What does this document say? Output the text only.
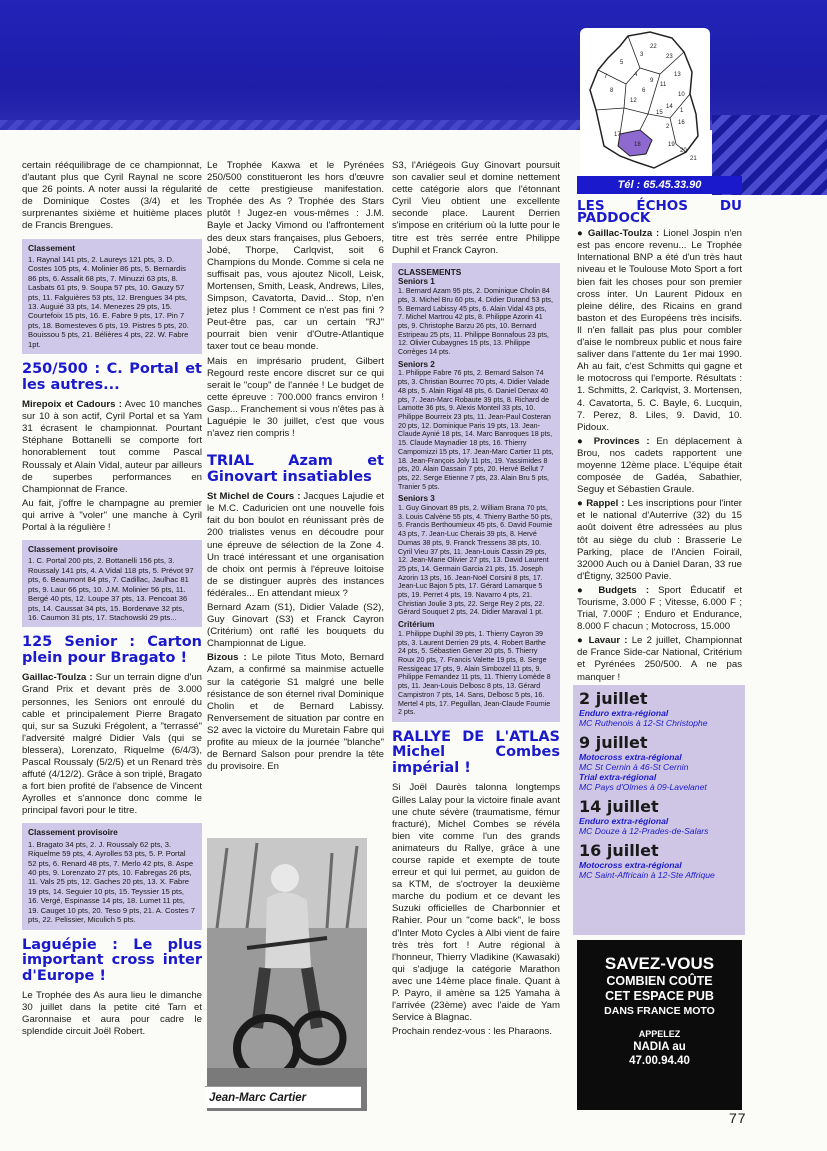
22
23
5
3
13
11
9
4
8
7
12
6
10
14
15
16
17
18	19
20
21
1
2
Tél : 65.45.33.90

certain rééquilibrage de ce championnat, d'autant plus que Cyril Raynal ne score que 26 points. A noter aussi la régularité de Dominique Costes (3/4) et les surprenantes sixième et huitième places de Francis Brengues.

Classement
1. Raynal 141 pts, 2. Laureys 121 pts, 3. D. Costes 105 pts, 4. Molinier 86 pts, 5. Bernardis 86 pts, 6. Assalit 68 pts, 7. Minuzzi 63 pts, 8. Lasbats 61 pts, 9. Soupa 57 pts, 10. Gauzy 57 pts, 11. Falguières 53 pts, 12. Brengues 34 pts, 13. Auguié 33 pts, 14. Menezes 29 pts, 15. Courtefoix 15 pts, 16. E. Fabre 9 pts, 17. Pin 7 pts, 18. Bomesteves 6 pts, 19. Pistres 5 pts, 20. Bouissou 5 pts, 21. Bélières 4 pts, 22. W. Fabre 1pt.
250/500 : C. Portal et les autres...

Mirepoix et Cadours : Avec 10 manches sur 10 à son actif, Cyril Portal et sa Yam 31 écrasent le championnat. Pourtant Stéphane Bottanelli se comporte fort honorablement tout comme Pascal Roussaly et Alain Vidal, auteur par ailleurs de superbes performances en Championnat de France.

Au fait, j'offre le champagne au premier qui arrive à "voler" une manche à Cyril Portal à la régulière !

Classement provisoire
1. C. Portal 200 pts, 2. Bottanelli 156 pts, 3. Roussaly 141 pts, 4. A Vidal 118 pts, 5. Prévot 97 pts, 6. Beaumont 84 pts, 7. Cadillac, Jaulhac 81 pts, 9. Laur 66 pts, 10. J.M. Molinier 56 pts, 11. Bergé 40 pts, 12. Loupe 37 pts, 13. Pencoat 36 pts, 14. Caussat 34 pts, 15. Bordenave 32 pts, 16. Caumon 31 pts, 17. Stachowski 29 pts...
125 Senior : Carton plein pour Bragato !

Gaillac-Toulza : Sur un terrain digne d'un Grand Prix et devant près de 3.000 personnes, les Seniors ont enroulé du cable et principalement Pierre Bragato qui, sur sa Suzuki Frégolent, a "terrassé" l'adversité malgré Didier Vals (qui se blessera), Lorenzato, Riquelme (6/4/3), Pascal Roussaly (5/2/5) et un Renard très affuté (4/12/2). Grâce à son triplé, Bragato a fort bien profité de l'absence de Vincent Ayrolles et s'annonce donc comme le principal favori pour le titre.

Classement provisoire
1. Bragato 34 pts, 2. J. Roussaly 62 pts, 3. Riquelme 59 pts, 4. Ayrolles 53 pts, 5. P. Portal 52 pts, 6. Renard 48 pts, 7. Merlo 42 pts, 8. Aspe 40 pts, 9. Lorenzato 27 pts, 10. Fabregas 26 pts, 11. Vals 25 pts, 12. Gaches 20 pts, 13. X. Fabre 19 pts, 14. Seguier 10 pts, 15. Teyssier 15 pts, 16. Vergé, Espinasse 14 pts, 18. Lumet 11 pts, 19. Cauget 10 pts, 20. Teso 9 pts, 21. A. Costes 7 pts, 22. Pelissier, Miculich 5 pts.
Laguépie : Le plus important cross inter d'Europe !

Le Trophée des As aura lieu le dimanche 30 juillet dans la petite cité Tarn et Garonnaise et aura pour cadre le splendide circuit Joël Robert.

Le Trophée Kaxwa et le Pyrénées 250/500 constitueront les hors d'œuvre de cette prestigieuse manifestation. Trophée des As ? Trophée des Stars plutôt ! Jugez-en vous-mêmes : J.M. Bayle et Jacky Vimond ou l'affrontement des deux stars françaises, plus Geboers, Jobé, Thorpe, Carlqvist, soit 6 Champions du Monde. Comme si cela ne suffisait pas, vous ajoutez Nicoll, Leisk, Mortensen, Smith, Leask, Andrews, Liles, Simpson, Cavatorta, David... Stop, n'en jetez plus ! Comment ce n'est pas fini ? Peut-être pas, car un certain "RJ" pourrait bien venir d'Outre-Atlantique taxer tout ce beau monde.

Mais en imprésario prudent, Gilbert Regourd reste encore discret sur ce qui serait le "coup" de l'année ! Le budget de cette épreuve : 700.000 francs environ ! Gasp... Franchement si vous n'êtes pas à Laguépie le 30 juillet, c'est que vous n'avez rien compris !

TRIAL Azam et Ginovart insatiables

St Michel de Cours : Jacques Lajudie et le M.C. Caduricien ont une nouvelle fois fait du bon boulot en réunissant près de 200 trialistes venus en découdre pour une épreuve de sélection de la Zone 4. Un tracé intéressant et une organisation de choix ont permis à l'épreuve loitoise de se distinguer auprès des instances fédérales... En attendant mieux ?

Bernard Azam (S1), Didier Valade (S2), Guy Ginovart (S3) et Franck Cayron (Critérium) ont raflé les bouquets du Championnat de Ligue.

Bizous : Le pilote Titus Moto, Bernard Azam, a confirmé sa mainmise actuelle sur la catégorie S1 malgré une belle résistance de son éternel rival Dominique Cholin et de Bernard Labissy. Renversement de situation par contre en S2 avec la victoire du Muretain Fabre qui profite au mieux de la journée "blanche" de Bernard Salson pour prendre la tête du provisoire. En

Jean-Marc Cartier

S3, l'Ariégeois Guy Ginovart poursuit son cavalier seul et domine nettement cette catégorie alors que l'étonnant Cyril Vieu obtient une excellente seconde place. Laurent Derrien s'impose en critérium où la lutte pour le titre est très serrée entre Philippe Duphil et Franck Cayron.

CLASSEMENTS
Seniors 1
1. Bernard Azam 95 pts, 2. Dominique Cholin 84 pts, 3. Michel Bru 60 pts, 4. Didier Durand 53 pts, 5. Bernard Labissy 45 pts, 6. Alain Vidal 43 pts, 7. Michel Martrou 42 pts, 8. Philippe Azorin 41 pts, 9. Christophe Barzu 26 pts, 10. Bernard Estripeau 25 pts, 11. Philippe Bonnafous 23 pts, 12. Olivier Cubaygnes 15 pts, 13. Philippe Corrèges 14 pts.
Seniors 2
1. Philippe Fabre 76 pts, 2. Bernard Salson 74 pts, 3. Christian Bourrec 70 pts, 4. Didier Valade 48 pts, 5. Alain Rigal 48 pts, 6. Daniel Denax 40 pts, 7. Jean-Marc Robaute 39 pts, 8. Richard de Lamotte 36 pts, 9. Alexis Monteil 33 pts, 10. Philippe Bourreix 23 pts, 11. Jean-Paul Costeran 20 pts, 12. Dominique Paris 19 pts, 13. Jean-Claude Aynié 18 pts, 14. Marc Banroques 18 pts, 15. Claude Maynadier 18 pts, 16. Thierry Campomizzi 15 pts, 17. Jean-Marc Cartier 11 pts, 18. Jean-François Joly 11 pts, 19. Yassimides 8 pts, 20. Alain Dassain 7 pts, 20. Hervé Bellut 7 pts, 22. Serge Etienne 7 pts, 23. Alain Bru 5 pts, Tranier 5 pts.
Seniors 3
1. Guy Ginovart 89 pts, 2. William Brana 70 pts, 3. Louis Calvène 55 pts, 4. Thierry Barthe 50 pts, 5. Francis Berthoumieux 45 pts, 6. David Fournie 43 pts, 7. Jean-Luc Cherais 39 pts, 8. Hervé Dumas 38 pts, 9. Franck Tressens 38 pts, 10. Cyril Vieu 37 pts, 11. Jean-Louis Cassin 29 pts, 12. Jean-Marie Olivier 27 pts, 13. David Laurent 25 pts, 14. Germain Garcia 21 pts, 15. Joseph Azorin 13 pts, 16. Jean-Noël Corsini 8 pts, 17. Jean-Luc Bajon 5 pts, 17. Gérard Lamarque 5 pts, 19. Perret 4 pts, 19. Navarro 4 pts, 21. Christian Joulie 3 pts, 22. Serge Rey 2 pts, 22. Gérard Souquet 2 pts, 24. Didier Maraval 1 pt.
Critérium
1. Philippe Duphil 39 pts, 1. Thierry Cayron 39 pts, 3. Laurent Derrien 29 pts, 4. Robert Barthe 24 pts, 5. Sébastien Gener 20 pts, 5. Thierry Roux 20 pts, 7. Francis Valette 19 pts, 8. Serge Ressigeac 17 pts, 9. Alain Simbozel 11 pts, 9. Philippe Fernandez 11 pts, 11. Thierry Lomède 8 pts, 11. Jean-Louis Delbosc 8 pts, 13. Gérard Campistron 7 pts, 14. Sans, Delbosc 5 pts, 16. Mertel 4 pts, 17. Peguillan, Jean-Claude Fournie 2 pts.
RALLYE DE L'ATLAS Michel Combes impérial !

Si Joël Daurès talonna longtemps Gilles Lalay pour la victoire finale avant une chute sévère (traumatisme, fémur fracturé), Michel Combes se révéla bien vite comme l'un des grands animateurs du Rallye, grâce à une course rapide et exempte de toute erreur et qui lui permet, au guidon de sa KTM, de s'octroyer la deuxième marche du podium et ce devant les Suzuki officielles de Charbonnier et Rahier. Pour un "come back", le boss d'Inter Moto Cycles à Albi vient de faire très très fort ! Autre régional à l'honneur, Thierry Vladikine (Kawasaki) qui s'adjuge la catégorie Marathon avec une 14ème place finale. Quant à P. Payro, il amène sa 125 Yamaha à l'arrivée (23ème) avec l'aide de Yam Service à Blagnac.

Prochain rendez-vous : les Pharaons.

LES ÉCHOS DU PADDOCK

● Gaillac-Toulza : Lionel Jospin n'en est pas encore revenu... Le Trophée International BNP a été d'un très haut niveau et le Toulouse Moto Sport a fort bien fait les choses pour son premier cross inter. Un Laurent Pidoux en pleine délire, des Ricains en grand baston et des Européens très incisifs. Il n'en fallait pas plus pour combler d'aise le nombreux public et nous faire saliver dans l'attente du 1er mai 1990. Ah au fait, c'est Schmitts qui gagne et le motocross qui l'emporte. Résultats : 1. Schmitts, 2. Carlqvist, 3. Mortensen, 4. Cavatorta, 5. C. Bayle, 6. Lucquin, 7. Perez, 8. Liles, 9. David, 10. Pidoux.

● Provinces : En déplacement à Brou, nos cadets rapportent une moyenne 12ème place. L'équipe était composée de Gadéa, Sabathier, Seguy et Sébastien Graule.

● Rappel : Les inscriptions pour l'inter et le national d'Auterrive (32) du 15 août doivent être adressées au plus tôt au siège du club : Brasserie Le Parking, place de l'Ancien Foirail, 32000 Auch ou à Daniel Daran, 33 rue d'Étigny, 32500 Pavie.

● Budgets : Sport Éducatif et Tourisme, 3.000 F ; Vitesse, 6.000 F ; Trial, 7.000F ; Enduro et Endurance, 8.000 F chacun ; Motocross, 15.000

● Lavaur : Le 2 juillet, Championnat de France Side-car National, Critérium et Pyrénées 250/500. A ne pas manquer !

2 juillet
Enduro extra-régional
MC Ruthenois à 12-St Christophe
9 juillet
Motocross extra-régional
MC St Cernin à 46-St Cernin
Trial extra-régional
MC Pays d'Olmes à 09-Lavelanet
14 juillet
Enduro extra-régional
MC Douze à 12-Prades-de-Salars
16 juillet
Motocross extra-régional
MC Saint-Affricain à 12-Ste Affrique
SAVEZ-VOUS
COMBIEN COÛTE
CET ESPACE PUB
DANS FRANCE MOTO
APPELEZ
NADIA au
47.00.94.40
77
